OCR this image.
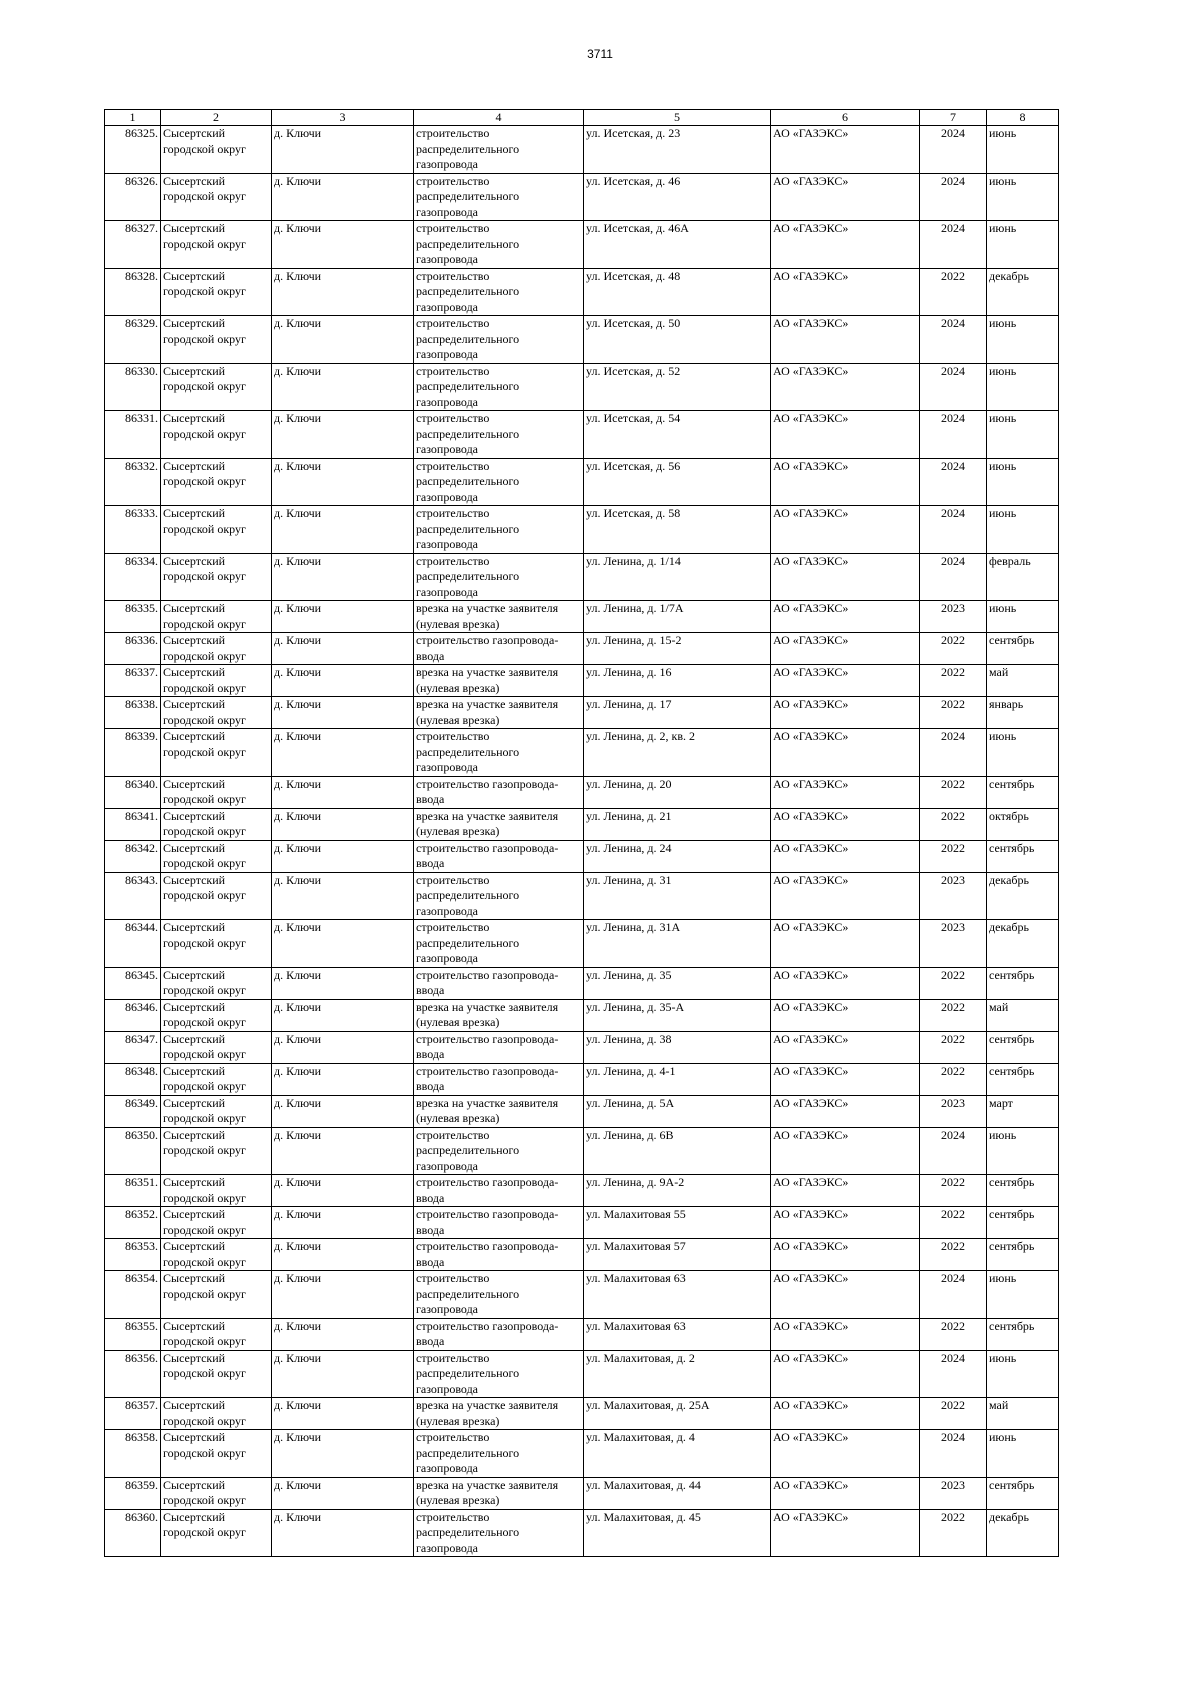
3711
1	2	3	4	5	6	7	8
86325.	Сысертский городской округ	д. Ключи	строительство распределительного газопровода	ул. Исетская, д. 23	АО «ГАЗЭКС»	2024	июнь
86326.	Сысертский городской округ	д. Ключи	строительство распределительного газопровода	ул. Исетская, д. 46	АО «ГАЗЭКС»	2024	июнь
86327.	Сысертский городской округ	д. Ключи	строительство распределительного газопровода	ул. Исетская, д. 46А	АО «ГАЗЭКС»	2024	июнь
86328.	Сысертский городской округ	д. Ключи	строительство распределительного газопровода	ул. Исетская, д. 48	АО «ГАЗЭКС»	2022	декабрь
86329.	Сысертский городской округ	д. Ключи	строительство распределительного газопровода	ул. Исетская, д. 50	АО «ГАЗЭКС»	2024	июнь
86330.	Сысертский городской округ	д. Ключи	строительство распределительного газопровода	ул. Исетская, д. 52	АО «ГАЗЭКС»	2024	июнь
86331.	Сысертский городской округ	д. Ключи	строительство распределительного газопровода	ул. Исетская, д. 54	АО «ГАЗЭКС»	2024	июнь
86332.	Сысертский городской округ	д. Ключи	строительство распределительного газопровода	ул. Исетская, д. 56	АО «ГАЗЭКС»	2024	июнь
86333.	Сысертский городской округ	д. Ключи	строительство распределительного газопровода	ул. Исетская, д. 58	АО «ГАЗЭКС»	2024	июнь
86334.	Сысертский городской округ	д. Ключи	строительство распределительного газопровода	ул. Ленина, д. 1/14	АО «ГАЗЭКС»	2024	февраль
86335.	Сысертский городской округ	д. Ключи	врезка на участке заявителя (нулевая врезка)	ул. Ленина, д. 1/7А	АО «ГАЗЭКС»	2023	июнь
86336.	Сысертский городской округ	д. Ключи	строительство газопровода-ввода	ул. Ленина, д. 15-2	АО «ГАЗЭКС»	2022	сентябрь
86337.	Сысертский городской округ	д. Ключи	врезка на участке заявителя (нулевая врезка)	ул. Ленина, д. 16	АО «ГАЗЭКС»	2022	май
86338.	Сысертский городской округ	д. Ключи	врезка на участке заявителя (нулевая врезка)	ул. Ленина, д. 17	АО «ГАЗЭКС»	2022	январь
86339.	Сысертский городской округ	д. Ключи	строительство распределительного газопровода	ул. Ленина, д. 2, кв. 2	АО «ГАЗЭКС»	2024	июнь
86340.	Сысертский городской округ	д. Ключи	строительство газопровода-ввода	ул. Ленина, д. 20	АО «ГАЗЭКС»	2022	сентябрь
86341.	Сысертский городской округ	д. Ключи	врезка на участке заявителя (нулевая врезка)	ул. Ленина, д. 21	АО «ГАЗЭКС»	2022	октябрь
86342.	Сысертский городской округ	д. Ключи	строительство газопровода-ввода	ул. Ленина, д. 24	АО «ГАЗЭКС»	2022	сентябрь
86343.	Сысертский городской округ	д. Ключи	строительство распределительного газопровода	ул. Ленина, д. 31	АО «ГАЗЭКС»	2023	декабрь
86344.	Сысертский городской округ	д. Ключи	строительство распределительного газопровода	ул. Ленина, д. 31А	АО «ГАЗЭКС»	2023	декабрь
86345.	Сысертский городской округ	д. Ключи	строительство газопровода-ввода	ул. Ленина, д. 35	АО «ГАЗЭКС»	2022	сентябрь
86346.	Сысертский городской округ	д. Ключи	врезка на участке заявителя (нулевая врезка)	ул. Ленина, д. 35-А	АО «ГАЗЭКС»	2022	май
86347.	Сысертский городской округ	д. Ключи	строительство газопровода-ввода	ул. Ленина, д. 38	АО «ГАЗЭКС»	2022	сентябрь
86348.	Сысертский городской округ	д. Ключи	строительство газопровода-ввода	ул. Ленина, д. 4-1	АО «ГАЗЭКС»	2022	сентябрь
86349.	Сысертский городской округ	д. Ключи	врезка на участке заявителя (нулевая врезка)	ул. Ленина, д. 5А	АО «ГАЗЭКС»	2023	март
86350.	Сысертский городской округ	д. Ключи	строительство распределительного газопровода	ул. Ленина, д. 6В	АО «ГАЗЭКС»	2024	июнь
86351.	Сысертский городской округ	д. Ключи	строительство газопровода-ввода	ул. Ленина, д. 9А-2	АО «ГАЗЭКС»	2022	сентябрь
86352.	Сысертский городской округ	д. Ключи	строительство газопровода-ввода	ул. Малахитовая 55	АО «ГАЗЭКС»	2022	сентябрь
86353.	Сысертский городской округ	д. Ключи	строительство газопровода-ввода	ул. Малахитовая 57	АО «ГАЗЭКС»	2022	сентябрь
86354.	Сысертский городской округ	д. Ключи	строительство распределительного газопровода	ул. Малахитовая 63	АО «ГАЗЭКС»	2024	июнь
86355.	Сысертский городской округ	д. Ключи	строительство газопровода-ввода	ул. Малахитовая 63	АО «ГАЗЭКС»	2022	сентябрь
86356.	Сысертский городской округ	д. Ключи	строительство распределительного газопровода	ул. Малахитовая, д. 2	АО «ГАЗЭКС»	2024	июнь
86357.	Сысертский городской округ	д. Ключи	врезка на участке заявителя (нулевая врезка)	ул. Малахитовая, д. 25А	АО «ГАЗЭКС»	2022	май
86358.	Сысертский городской округ	д. Ключи	строительство распределительного газопровода	ул. Малахитовая, д. 4	АО «ГАЗЭКС»	2024	июнь
86359.	Сысертский городской округ	д. Ключи	врезка на участке заявителя (нулевая врезка)	ул. Малахитовая, д. 44	АО «ГАЗЭКС»	2023	сентябрь
86360.	Сысертский городской округ	д. Ключи	строительство распределительного газопровода	ул. Малахитовая, д. 45	АО «ГАЗЭКС»	2022	декабрь
